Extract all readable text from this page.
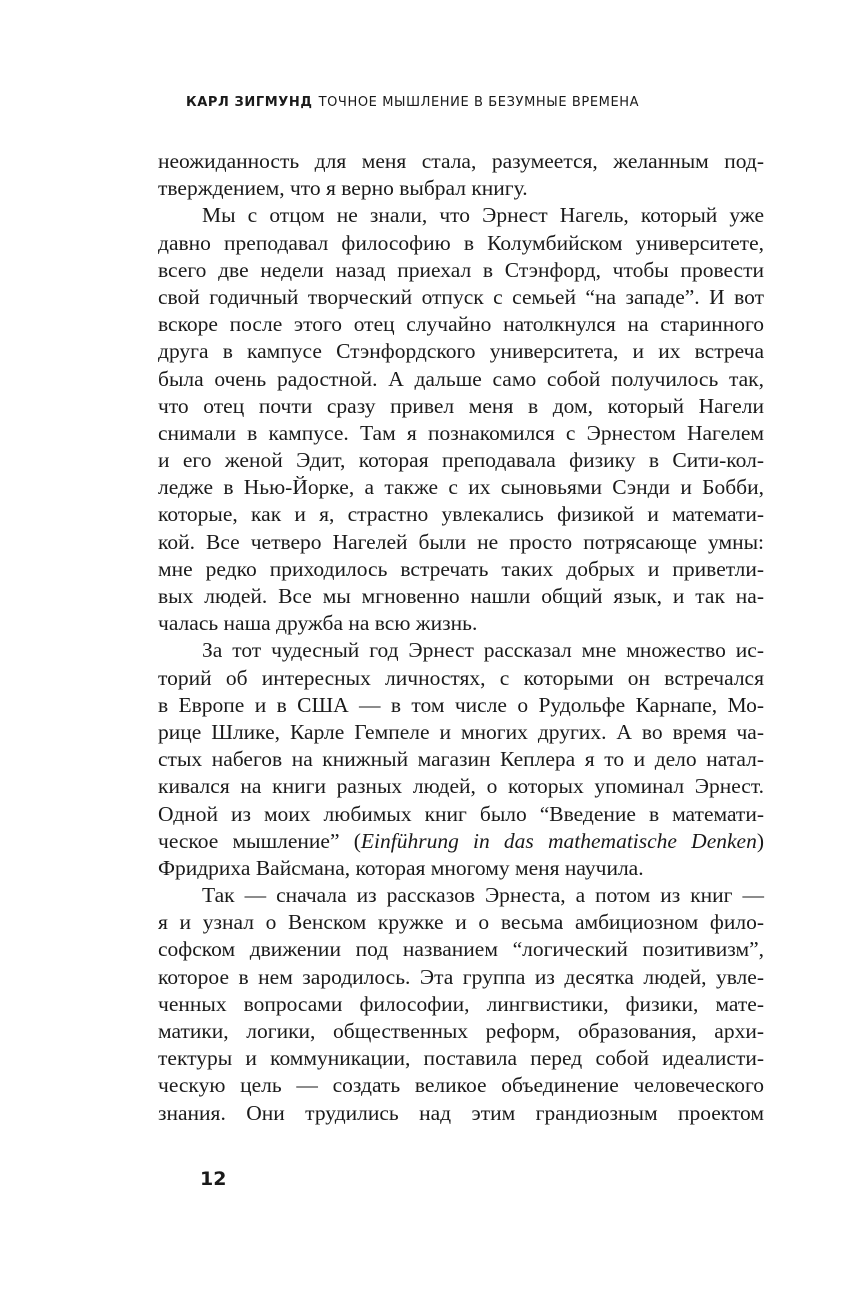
КАРЛ ЗИГМУНД ТОЧНОЕ МЫШЛЕНИЕ В БЕЗУМНЫЕ ВРЕМЕНА
неожиданность для меня стала, разумеется, желанным под-
тверждением, что я верно выбрал книгу.
Мы с отцом не знали, что Эрнест Нагель, который уже
давно преподавал философию в Колумбийском университете,
всего две недели назад приехал в Стэнфорд, чтобы провести
свой годичный творческий отпуск с семьей “на западе”. И вот
вскоре после этого отец случайно натолкнулся на старинного
друга в кампусе Стэнфордского университета, и их встреча
была очень радостной. А дальше само собой получилось так,
что отец почти сразу привел меня в дом, который Нагели
снимали в кампусе. Там я познакомился с Эрнестом Нагелем
и его женой Эдит, которая преподавала физику в Сити-кол-
ледже в Нью-Йорке, а также с их сыновьями Сэнди и Бобби,
которые, как и я, страстно увлекались физикой и математи-
кой. Все четверо Нагелей были не просто потрясающе умны:
мне редко приходилось встречать таких добрых и приветли-
вых людей. Все мы мгновенно нашли общий язык, и так на-
чалась наша дружба на всю жизнь.
За тот чудесный год Эрнест рассказал мне множество ис-
торий об интересных личностях, с которыми он встречался
в Европе и в США — в том числе о Рудольфе Карнапе, Мо-
рице Шлике, Карле Гемпеле и многих других. А во время ча-
стых набегов на книжный магазин Кеплера я то и дело натал-
кивался на книги разных людей, о которых упоминал Эрнест.
Одной из моих любимых книг было “Введение в математи-
ческое мышление” (Einführung in das mathematische Denken)
Фридриха Вайсмана, которая многому меня научила.
Так — сначала из рассказов Эрнеста, а потом из книг —
я и узнал о Венском кружке и о весьма амбициозном фило-
софском движении под названием “логический позитивизм”,
которое в нем зародилось. Эта группа из десятка людей, увле-
ченных вопросами философии, лингвистики, физики, мате-
матики, логики, общественных реформ, образования, архи-
тектуры и коммуникации, поставила перед собой идеалисти-
ческую цель — создать великое объединение человеческого
знания. Они трудились над этим грандиозным проектом
12
